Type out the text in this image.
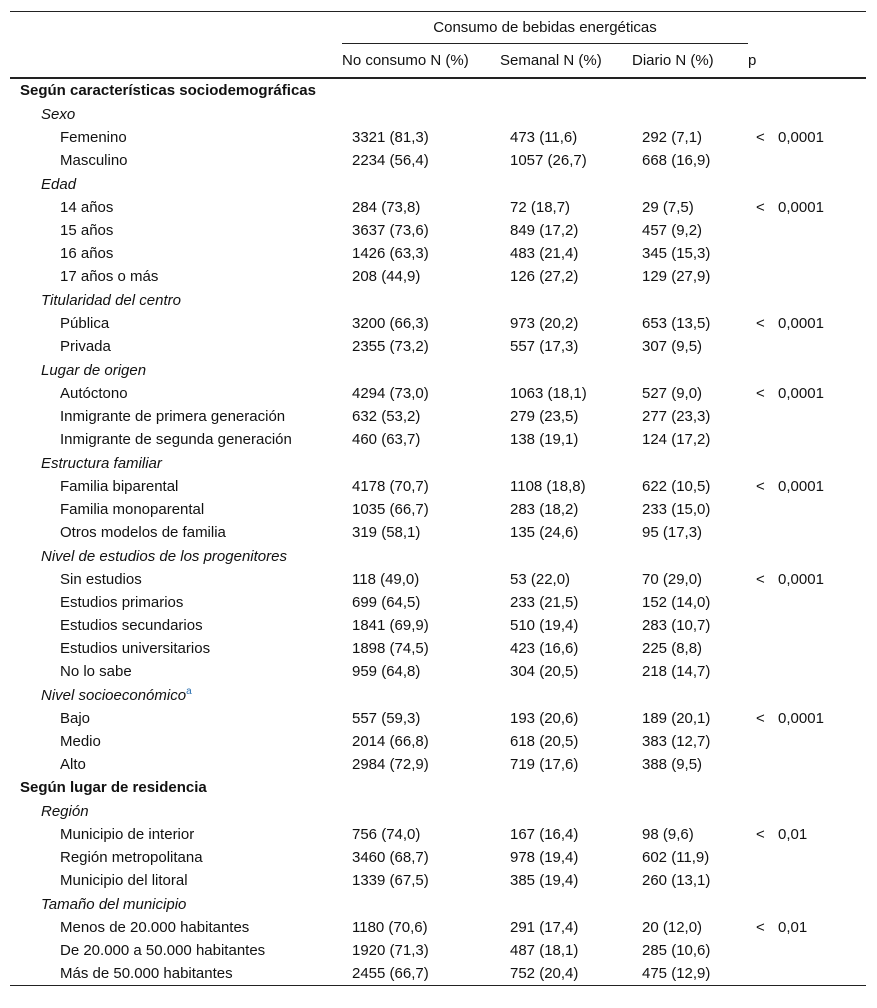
	Consumo de bebidas energéticas				
	No consumo N (%)	Semanal N (%)	Diario N (%)	p	
Según características sociodemográficas					
Sexo					
Femenino	3321 (81,3)	473 (11,6)	292 (7,1)	<	0,0001
Masculino	2234 (56,4)	1057 (26,7)	668 (16,9)		
Edad					
14 años	284 (73,8)	72 (18,7)	29 (7,5)	<	0,0001
15 años	3637 (73,6)	849 (17,2)	457 (9,2)		
16 años	1426 (63,3)	483 (21,4)	345 (15,3)		
17 años o más	208 (44,9)	126 (27,2)	129 (27,9)		
Titularidad del centro					
Pública	3200 (66,3)	973 (20,2)	653 (13,5)	<	0,0001
Privada	2355 (73,2)	557 (17,3)	307 (9,5)		
Lugar de origen					
Autóctono	4294 (73,0)	1063 (18,1)	527 (9,0)	<	0,0001
Inmigrante de primera generación	632 (53,2)	279 (23,5)	277 (23,3)		
Inmigrante de segunda generación	460 (63,7)	138 (19,1)	124 (17,2)		
Estructura familiar					
Familia biparental	4178 (70,7)	1108 (18,8)	622 (10,5)	<	0,0001
Familia monoparental	1035 (66,7)	283 (18,2)	233 (15,0)		
Otros modelos de familia	319 (58,1)	135 (24,6)	95 (17,3)		
Nivel de estudios de los progenitores					
Sin estudios	118 (49,0)	53 (22,0)	70 (29,0)	<	0,0001
Estudios primarios	699 (64,5)	233 (21,5)	152 (14,0)		
Estudios secundarios	1841 (69,9)	510 (19,4)	283 (10,7)		
Estudios universitarios	1898 (74,5)	423 (16,6)	225 (8,8)		
No lo sabe	959 (64,8)	304 (20,5)	218 (14,7)		
Nivel socioeconómico$^a$
Bajo	557 (59,3)	193 (20,6)	189 (20,1)	<	0,0001
Medio	2014 (66,8)	618 (20,5)	383 (12,7)		
Alto	2984 (72,9)	719 (17,6)	388 (9,5)		
Según lugar de residencia					
Región					
Municipio de interior	756 (74,0)	167 (16,4)	98 (9,6)	<	0,01
Región metropolitana	3460 (68,7)	978 (19,4)	602 (11,9)		
Municipio del litoral	1339 (67,5)	385 (19,4)	260 (13,1)		
Tamaño del municipio					
Menos de 20.000 habitantes	1180 (70,6)	291 (17,4)	20 (12,0)	<	0,01
De 20.000 a 50.000 habitantes	1920 (71,3)	487 (18,1)	285 (10,6)		
Más de 50.000 habitantes	2455 (66,7)	752 (20,4)	475 (12,9)		
